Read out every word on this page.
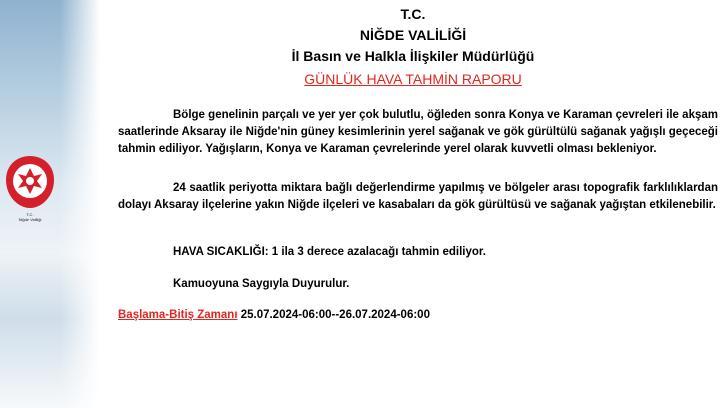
T.C.
Niğde Valiliği
T.C.
NİĞDE VALİLİĞİ
İl Basın ve Halkla İlişkiler Müdürlüğü
GÜNLÜK HAVA TAHMİN RAPORU
Bölge genelinin parçalı ve yer yer çok bulutlu, öğleden sonra Konya ve Karaman çevreleri ile akşam saatlerinde Aksaray ile Niğde'nin güney kesimlerinin yerel sağanak ve gök gürültülü sağanak yağışlı geçeceği tahmin ediliyor. Yağışların, Konya ve Karaman çevrelerinde yerel olarak kuvvetli olması bekleniyor.
24 saatlik periyotta miktara bağlı değerlendirme yapılmış ve bölgeler arası topografik farklılıklardan dolayı Aksaray ilçelerine yakın Niğde ilçeleri ve kasabaları da gök gürültüsü ve sağanak yağıştan etkilenebilir.
HAVA SICAKLIĞI: 1 ila 3 derece azalacağı tahmin ediliyor.
Kamuoyuna Saygıyla Duyurulur.
Başlama-Bitiş Zamanı 25.07.2024-06:00--26.07.2024-06:00
